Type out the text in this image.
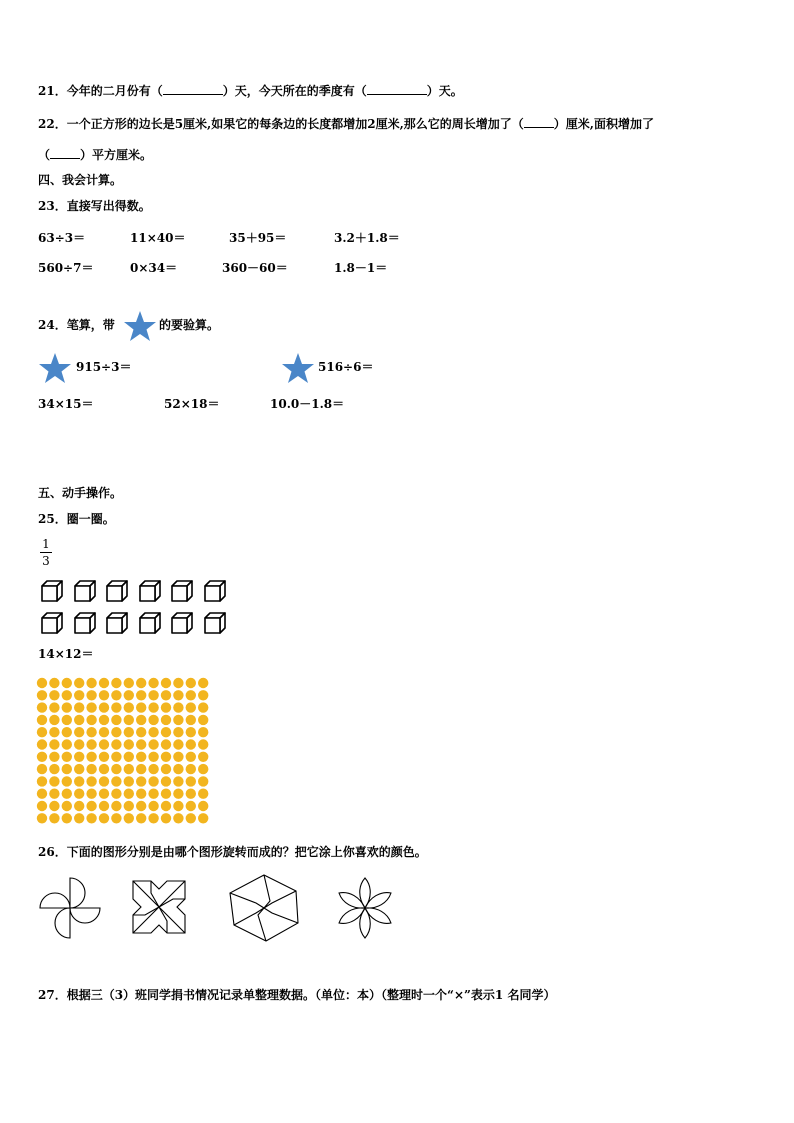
21．今年的二月份有（	）天，今天所在的季度有（	）天。
22．一个正方形的边长是5厘米,如果它的每条边的长度都增加2厘米,那么它的周长增加了（	）厘米,面积增加了
（	）平方厘米。
四、我会计算。
23．直接写出得数。
63÷3＝	11×40＝	35＋95＝	3.2＋1.8＝
560÷7＝	0×34＝	360－60＝	1.8－1＝
24．笔算，带	的要验算。
915÷3＝	516÷6＝
34×15＝	52×18＝	10.0－1.8＝
五、动手操作。
25．圈一圈。
1
3
14×12＝
26．下面的图形分别是由哪个图形旋转而成的？把它涂上你喜欢的颜色。
27．根据三（3）班同学捐书情况记录单整理数据。（单位：本）（整理时一个“×”表示1 名同学）
